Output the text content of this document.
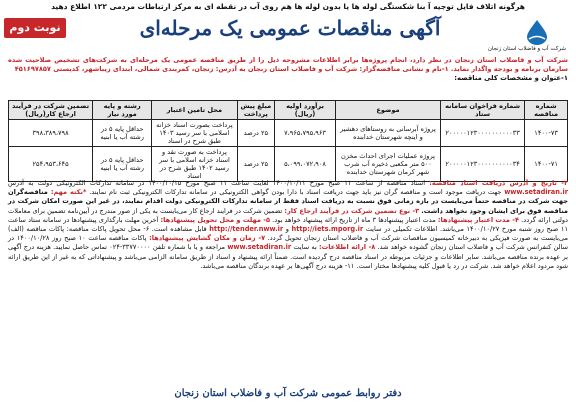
هرگونه اتلاف فایل توجیه آ بنا شکستگی لوله ها یا بدون لوله ها هم روی آب در نقطه ای به مرکز ارتباطات مردمی ۱۲۲ اطلاع دهید
نوبت دوم
شرکت آب و فاضلاب استان زنجان
آگهی مناقصات عمومی یک مرحله‌ای
شرکت آب و فاضلاب استان زنجان در نظر دارد، انجام پروژه‌ها برابر اطلاعات مشروحه ذیل را از طریق مناقصه عمومی یک مرحله‌ای به شرکت‌های تشخیص صلاحیت شده سازمان برنامه و بودجه واگذار نماید. ۱-نام و نشانی مناقصه‌گزار: شرکت آب و فاضلاب استان زنجان به آدرس: زنجان، کمربندی شمالی، ابتدای زیباشهر، کدپستی ۴۵۱۶۹۷۸۵۷
۱-عنوان و مشخصات کلی مناقصه:
شماره مناقصه	شماره فراخوان سامانه ستاد	موضوع	برآورد اولیه (ریال)	مبلغ پیش پرداخت	محل تامین اعتبار	رشته و پایه مورد نیاز	تضمین شرکت در فرآیند ارجاع کار(ریال)
۱۴۰۰-۷۳	۲۰۰۰۰۰۱۲۳۰۰۰۰۰۰۰۰۰۰۳۳	پروژه آبرسانی به روستاهای دهشیر و اینچه شهرستان خدابنده	۷،۹۶۵،۷۹۵،۹۶۳	۲۵ درصد	پرداخت بصورت اسناد خزانه اسلامی با سر رسید ۱۴۰۳ طبق شرح در اسناد	حداقل پایه ۵ در رشته آب یا ابنیه	۳۹۸،۳۸۹،۷۹۸
۱۴۰۰-۷۱	۲۰۰۰۰۰۱۲۳۰۰۰۰۰۰۰۰۰۰۳۴	پروژه عملیات اجرای احداث مخزن ۵۰۰ متر مکعبی ذخیره آب شرب شهر کرمان شهرستان خدابنده	۵،۰۹۹،۰۷۲،۹۰۸	۲۵ درصد	پرداخت به صورت نقد و اسناد خزانه اسلامی با سر رسید ۱۴۰۲ طبق شرح در اسناد	حداقل پایه ۵ در رشته آب یا ابنیه	۲۵۴،۹۵۳،۶۴۵
۲- تاریخ و آدرس دریافت اسناد مناقصه: اسناد مناقصه از ساعت ۱۱ صبح مورخ ۱۴۰۰/۱۰/۱۱ لغایت ساعت ۱۱ صبح مورخ ۱۴۰۰/۱۰/۱۵ در سامانه تدارکات الکترونیکی دولت به آدرس www.setadiran.ir جهت دریافت موجود است و مناقصه گران نیز باید جهت دریافت اسناد با دارا بودن گواهی الکترونیکی در سامانه تدارکات الکترونیکی ثبت نام نمایند. *نکته مهم: مناقصه‌گران جهت شرکت در مناقصه حتماً می‌بایست در بازه زمانی فوق نسبت به دریافت اسناد فقط از سامانه تدارکات الکترونیکی دولت اقدام نمایند، در غیر این صورت امکان شرکت در مناقصه فوق برای ایشان وجود نخواهد داشت. ۳- نوع تضمین شرکت در فرآیند ارجاع کار: تضمین شرکت در فرایند ارجاع کار می‌بایست به یکی از صور مندرج در آیین‌نامه تضمین برای معاملات دولتی ارائه گردد. ۴- مدت اعتبار پیشنهادها: مدت اعتبار پیشنهادها ۳ ماه از تاریخ ارائه پیشنهاد خواهد بود. ۵- مهلت و محل تحویل پیشنهادها: آخرین مهلت بارگذاری پیشنهادها در سامانه ستاد ساعت ۱۱ صبح روز شنبه مورخ ۱۴۰۰/۱۰/۲۷ می‌باشد. اطلاعات تکمیلی در سایت http://iets.mporg.ir و http://tender.nww.ir قابل مشاهده است. ۶- محل تحویل پاکات مناقصه: پاکات مناقصه (الف) می‌بایست به صورت فیزیکی به دبیرخانه کمیسیون مناقصات شرکت آب و فاضلاب استان زنجان تحویل گردد. ۷- زمان و مکان گشایش پیشنهادها: پاکات مناقصه ساعت ۱۰ صبح روز ۱۴۰۰/۱۰/۲۸ در سالن کنفرانس شرکت آب و فاضلاب استان زنجان گشوده خواهد شد. ۸- ارائه اطلاعات: به سایت www.setadiran.ir مراجعه و یا با شماره تلفن ۳۳۷۷۰۰۰۰-۰۲۴ تماس حاصل نمایید. هزینه درج آگهی بر عهده برنده مناقصه می‌باشد. سایر اطلاعات و جزئیات مربوطه در اسناد مناقصه درج گردیده است. ضمناً ارائه پیشنهاد و اسناد از طریق سامانه الزامی می‌باشد و پیشنهاداتی که به غیر از این طریق ارائه شود مردود اعلام خواهد شد. شرکت در رد یا قبول کلیه پیشنهادها مختار است. ۱۱- هزینه درج آگهی‌ها بر عهده برندگان مناقصه می‌باشد.
دفتر روابط عمومی شرکت آب و فاضلاب استان زنجان
